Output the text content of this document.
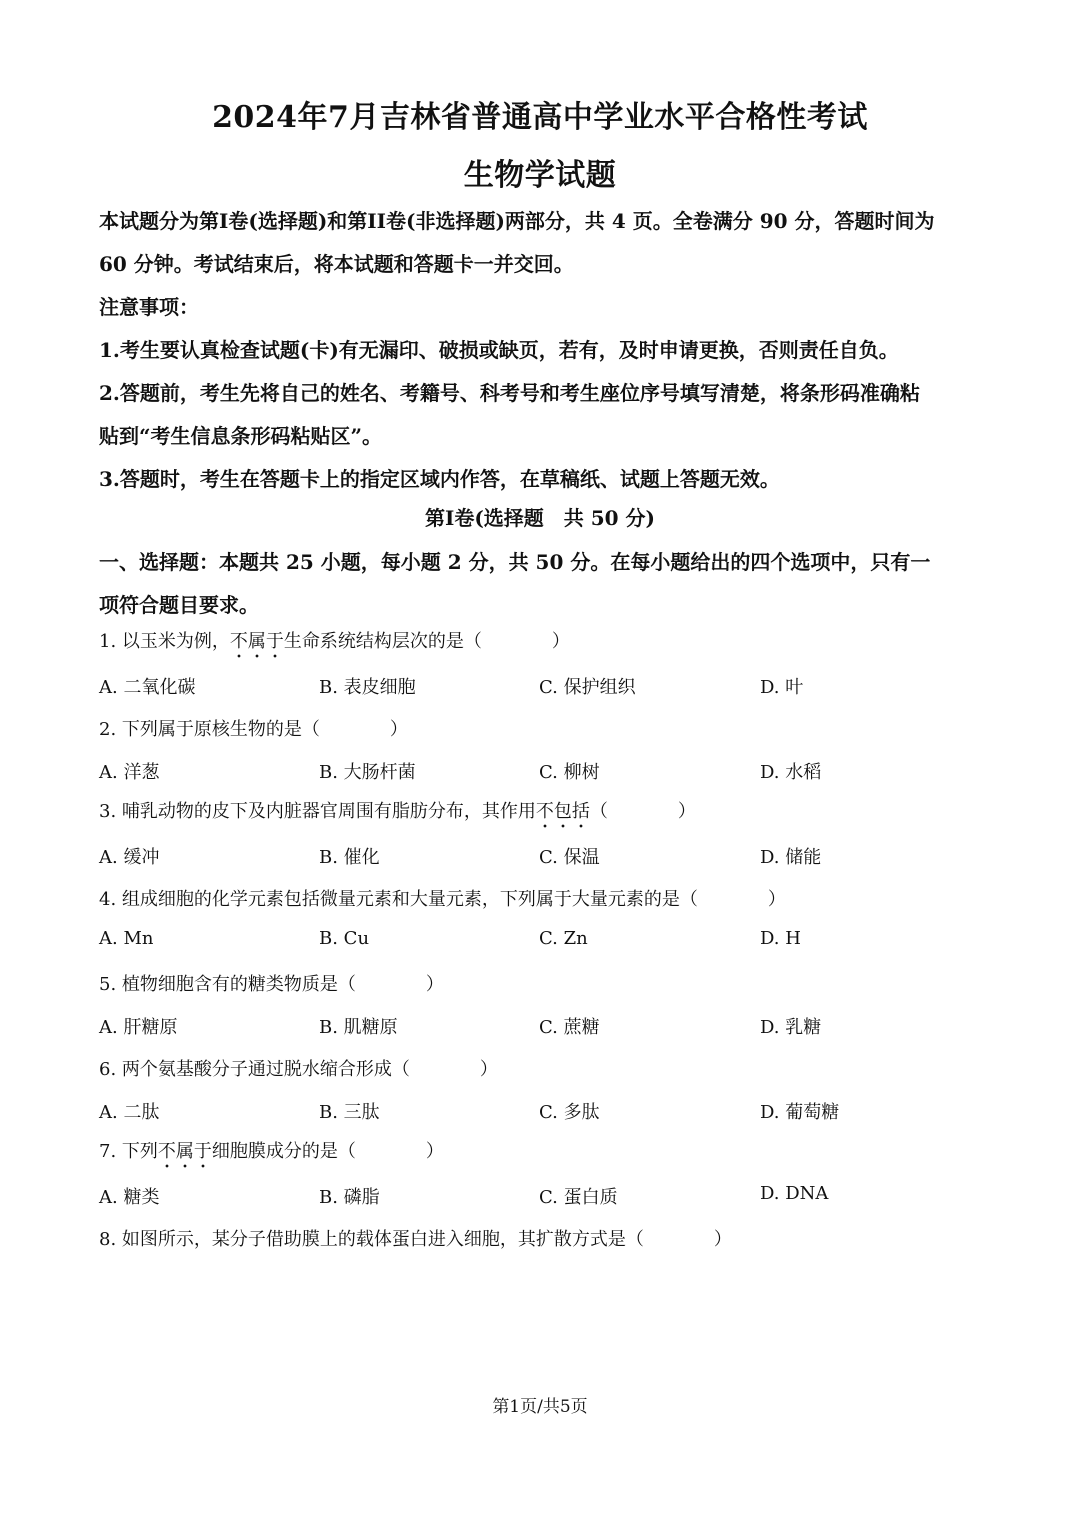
2024年7月吉林省普通高中学业水平合格性考试
生物学试题
本试题分为第I卷(选择题)和第II卷(非选择题)两部分，共 4 页。全卷满分 90 分，答题时间为
60 分钟。考试结束后，将本试题和答题卡一并交回。
注意事项：
1.考生要认真检查试题(卡)有无漏印、破损或缺页，若有，及时申请更换，否则责任自负。
2.答题前，考生先将自己的姓名、考籍号、科考号和考生座位序号填写清楚，将条形码准确粘
贴到“考生信息条形码粘贴区”。
3.答题时，考生在答题卡上的指定区域内作答，在草稿纸、试题上答题无效。
第I卷(选择题　共 50 分)
一、选择题：本题共 25 小题，每小题 2 分，共 50 分。在每小题给出的四个选项中，只有一
项符合题目要求。
1. 以玉米为例，不属于生命系统结构层次的是（	）
A. 二氧化碳	B. 表皮细胞	C. 保护组织	D. 叶
2. 下列属于原核生物的是（	）
A. 洋葱	B. 大肠杆菌	C. 柳树	D. 水稻
3. 哺乳动物的皮下及内脏器官周围有脂肪分布，其作用不包括（	）
A. 缓冲	B. 催化	C. 保温	D. 储能
4. 组成细胞的化学元素包括微量元素和大量元素，下列属于大量元素的是（	）
A. Mn	B. Cu	C. Zn	D. H
5. 植物细胞含有的糖类物质是（	）
A. 肝糖原	B. 肌糖原	C. 蔗糖	D. 乳糖
6. 两个氨基酸分子通过脱水缩合形成（	）
A. 二肽	B. 三肽	C. 多肽	D. 葡萄糖
7. 下列不属于细胞膜成分的是（	）
A. 糖类	B. 磷脂	C. 蛋白质	D. DNA
8. 如图所示，某分子借助膜上的载体蛋白进入细胞，其扩散方式是（	）
第1页/共5页
